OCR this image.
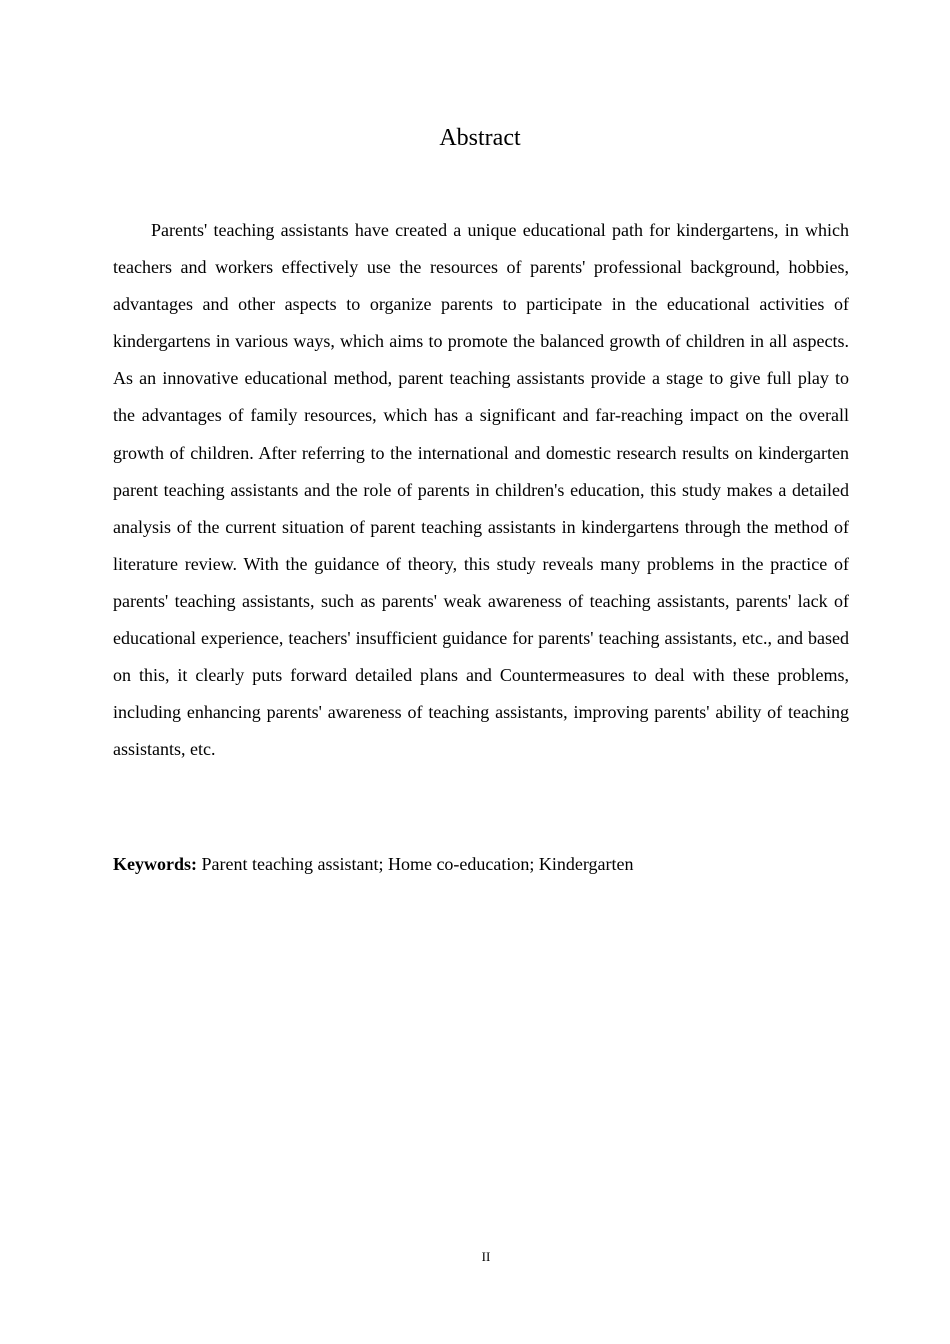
Abstract

Parents' teaching assistants have created a unique educational path for kindergartens, in which teachers and workers effectively use the resources of parents' professional background, hobbies, advantages and other aspects to organize parents to participate in the educational activities of kindergartens in various ways, which aims to promote the balanced growth of children in all aspects. As an innovative educational method, parent teaching assistants provide a stage to give full play to the advantages of family resources, which has a significant and far-reaching impact on the overall growth of children. After referring to the international and domestic research results on kindergarten parent teaching assistants and the role of parents in children's education, this study makes a detailed analysis of the current situation of parent teaching assistants in kindergartens through the method of literature review. With the guidance of theory, this study reveals many problems in the practice of parents' teaching assistants, such as parents' weak awareness of teaching assistants, parents' lack of educational experience, teachers' insufficient guidance for parents' teaching assistants, etc., and based on this, it clearly puts forward detailed plans and Countermeasures to deal with these problems, including enhancing parents' awareness of teaching assistants, improving parents' ability of teaching assistants, etc.

Keywords: Parent teaching assistant; Home co-education; Kindergarten

II
